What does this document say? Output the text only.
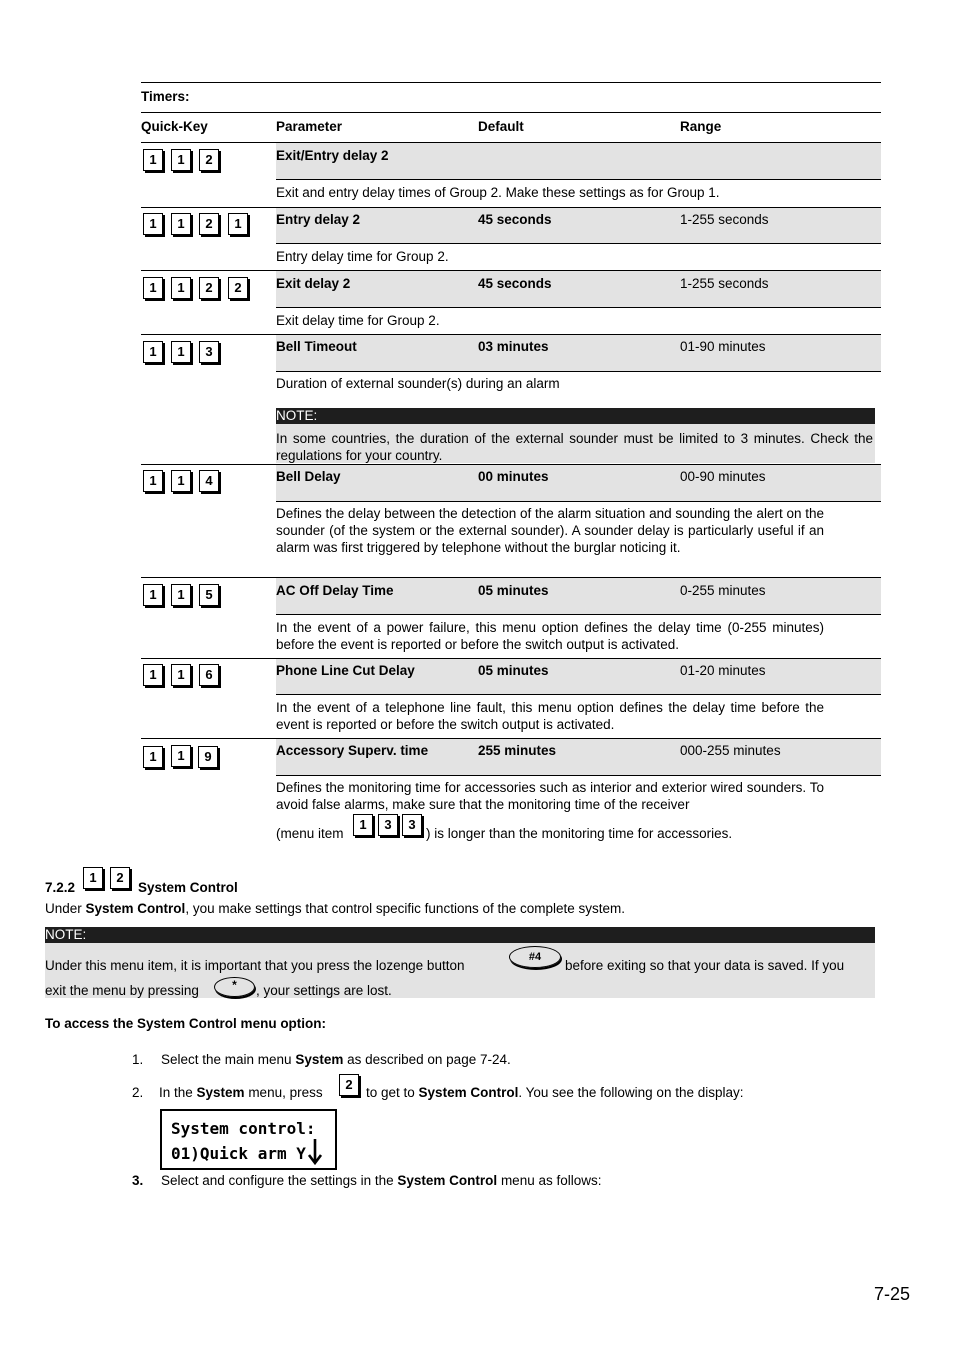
Timers:
Quick-Key	Parameter	Default	Range
1	1	2	Exit/Entry delay 2
Exit and entry delay times of Group 2. Make these settings as for Group 1.
1	1	2	1	Entry delay 2	45 seconds	1-255 seconds
Entry delay time for Group 2.
1	1	2	2	Exit delay 2	45 seconds	1-255 seconds
Exit delay time for Group 2.
1	1	3	Bell Timeout	03 minutes	01-90 minutes
Duration of external sounder(s) during an alarm
NOTE:
In some countries, the duration of the external sounder must be limited to 3 minutes. Check the regulations for your country.
1	1	4	Bell Delay	00 minutes	00-90 minutes
Defines the delay between the detection of the alarm situation and sounding the alert on the sounder (of the system or the external sounder). A sounder delay is particularly useful if an alarm was first triggered by telephone without the burglar noticing it.
1	1	5	AC Off Delay Time	05 minutes	0-255 minutes
In the event of a power failure, this menu option defines the delay time (0-255 minutes) before the event is reported or before the switch output is activated.
1	1	6	Phone Line Cut Delay	05 minutes	01-20 minutes
In the event of a telephone line fault, this menu option defines the delay time before the event is reported or before the switch output is activated.
1	1	9	Accessory Superv. time	255 minutes	000-255 minutes
Defines the monitoring time for accessories such as interior and exterior wired sounders. To avoid false alarms, make sure that the monitoring time of the receiver
(menu item
1	3	3
) is longer than the monitoring time for accessories.
7.2.2
1	2
System Control
Under System Control, you make settings that control specific functions of the complete system.
NOTE:
Under this menu item, it is important that you press the lozenge button
#4
before exiting so that your data is saved. If you
exit the menu by pressing	*	, your settings are lost.
To access the System Control menu option:
1. Select the main menu System as described on page 7-24.
2. In the System menu, press
2
to get to System Control. You see the following on the display:
System control:
01)Quick arm Y
3. Select and configure the settings in the System Control menu as follows:
7-25
